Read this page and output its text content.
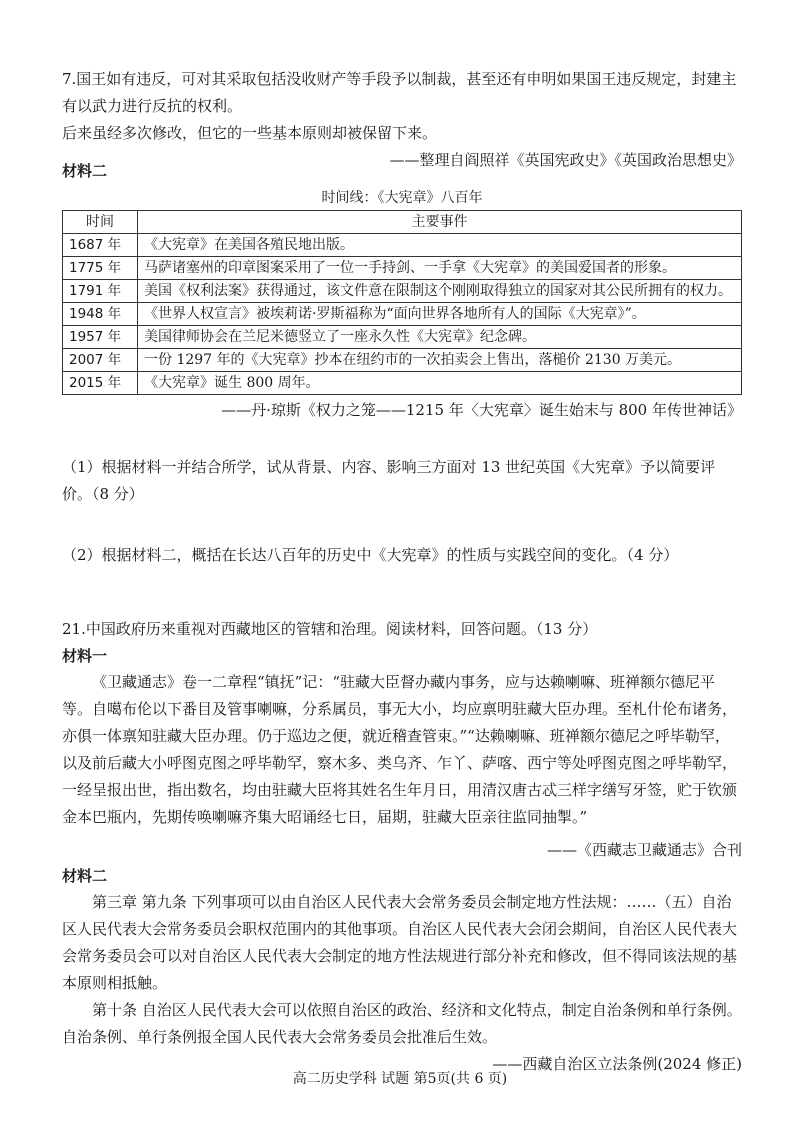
7.国王如有违反，可对其采取包括没收财产等手段予以制裁，甚至还有申明如果国王违反规定，封建主有以武力进行反抗的权利。

后来虽经多次修改，但它的一些基本原则却被保留下来。

——整理自阎照祥《英国宪政史》《英国政治思想史》

材料二

时间线：《大宪章》八百年

时间	主要事件
1687 年	《大宪章》在美国各殖民地出版。
1775 年	马萨诸塞州的印章图案采用了一位一手持剑、一手拿《大宪章》的美国爱国者的形象。
1791 年	美国《权利法案》获得通过，该文件意在限制这个刚刚取得独立的国家对其公民所拥有的权力。
1948 年	《世界人权宣言》被埃莉诺·罗斯福称为“面向世界各地所有人的国际《大宪章》”。
1957 年	美国律师协会在兰尼米德竖立了一座永久性《大宪章》纪念碑。
2007 年	一份 1297 年的《大宪章》抄本在纽约市的一次拍卖会上售出，落槌价 2130 万美元。
2015 年	《大宪章》诞生 800 周年。

——丹·琼斯《权力之笼——1215 年〈大宪章〉诞生始末与 800 年传世神话》

（1）根据材料一并结合所学，试从背景、内容、影响三方面对 13 世纪英国《大宪章》予以简要评价。（8 分）

（2）根据材料二，概括在长达八百年的历史中《大宪章》的性质与实践空间的变化。（4 分）

21.中国政府历来重视对西藏地区的管辖和治理。阅读材料，回答问题。（13 分）

材料一

《卫藏通志》卷一二章程“镇抚”记：“驻藏大臣督办藏内事务，应与达赖喇嘛、班禅额尔德尼平等。自噶布伦以下番目及管事喇嘛，分系属员，事无大小，均应禀明驻藏大臣办理。至札什伦布诸务，亦俱一体禀知驻藏大臣办理。仍于巡边之便，就近稽查管束。”“达赖喇嘛、班禅额尔德尼之呼毕勒罕，以及前后藏大小呼图克图之呼毕勒罕，察木多、类乌齐、乍丫、萨喀、西宁等处呼图克图之呼毕勒罕，一经呈报出世，指出数名，均由驻藏大臣将其姓名生年月日，用清汉唐古忒三样字缮写牙签，贮于钦颁金本巴瓶内，先期传唤喇嘛齐集大昭诵经七日，届期，驻藏大臣亲往监同抽掣。”

——《西藏志卫藏通志》合刊

材料二

第三章 第九条 下列事项可以由自治区人民代表大会常务委员会制定地方性法规：……（五）自治区人民代表大会常务委员会职权范围内的其他事项。自治区人民代表大会闭会期间，自治区人民代表大会常务委员会可以对自治区人民代表大会制定的地方性法规进行部分补充和修改，但不得同该法规的基本原则相抵触。

第十条 自治区人民代表大会可以依照自治区的政治、经济和文化特点，制定自治条例和单行条例。自治条例、单行条例报全国人民代表大会常务委员会批准后生效。

——西藏自治区立法条例(2024 修正)

高二历史学科 试题 第5页(共 6 页)
